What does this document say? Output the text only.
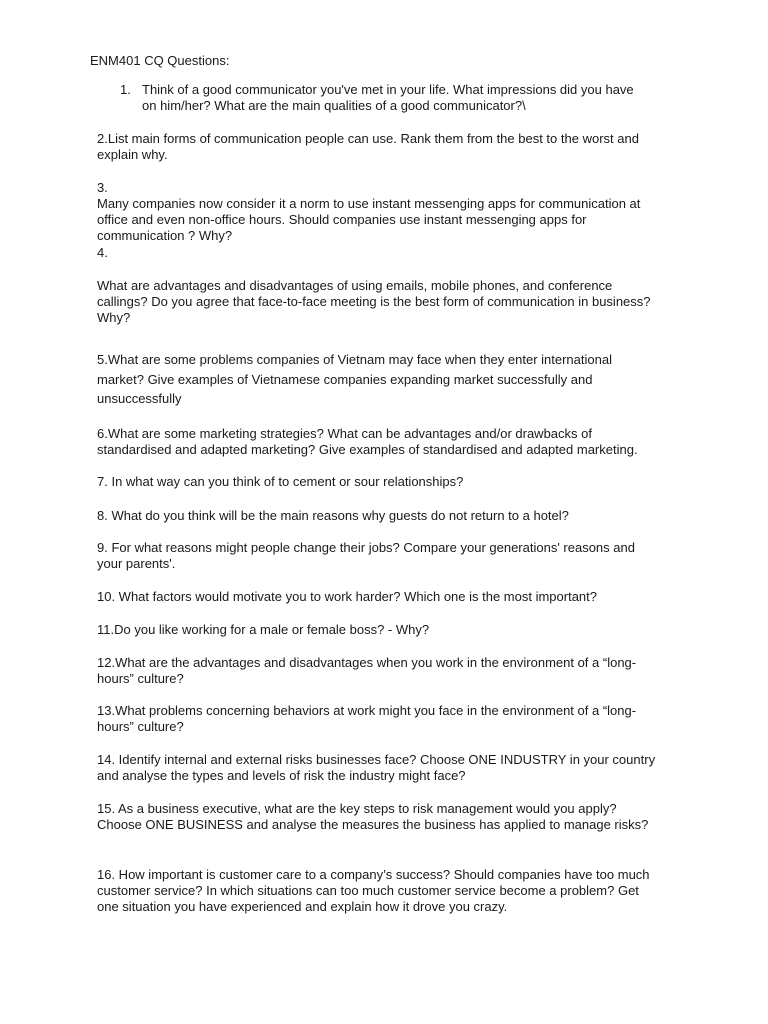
ENM401 CQ Questions:
1. Think of a good communicator you've met in your life. What impressions did you have on him/her? What are the main qualities of a good communicator?\

2.List main forms of communication people can use. Rank them from the best to the worst and explain why.

3.

Many companies now consider it a norm to use instant messenging apps for communication at office and even non-office hours. Should companies use instant messenging apps for communication ? Why?

4.

What are advantages and disadvantages of using emails, mobile phones, and conference callings? Do you agree that face-to-face meeting is the best form of communication in business? Why?

5.What are some problems companies of Vietnam may face when they enter international market? Give examples of Vietnamese companies expanding market successfully and unsuccessfully

6.What are some marketing strategies? What can be advantages and/or drawbacks of standardised and adapted marketing? Give examples of standardised and adapted marketing.

7. In what way can you think of to cement or sour relationships?

8. What do you think will be the main reasons why guests do not return to a hotel?

9. For what reasons might people change their jobs? Compare your generations' reasons and your parents'.

10. What factors would motivate you to work harder? Which one is the most important?

11.Do you like working for a male or female boss? - Why?

12.What are the advantages and disadvantages when you work in the environment of a “long-hours” culture?

13.What problems concerning behaviors at work might you face in the environment of a “long-hours” culture?

14. Identify internal and external risks businesses face? Choose ONE INDUSTRY in your country and analyse the types and levels of risk the industry might face?

15. As a business executive, what are the key steps to risk management would you apply? Choose ONE BUSINESS and analyse the measures the business has applied to manage risks?

16. How important is customer care to a company’s success? Should companies have too much customer service? In which situations can too much customer service become a problem? Get one situation you have experienced and explain how it drove you crazy.
